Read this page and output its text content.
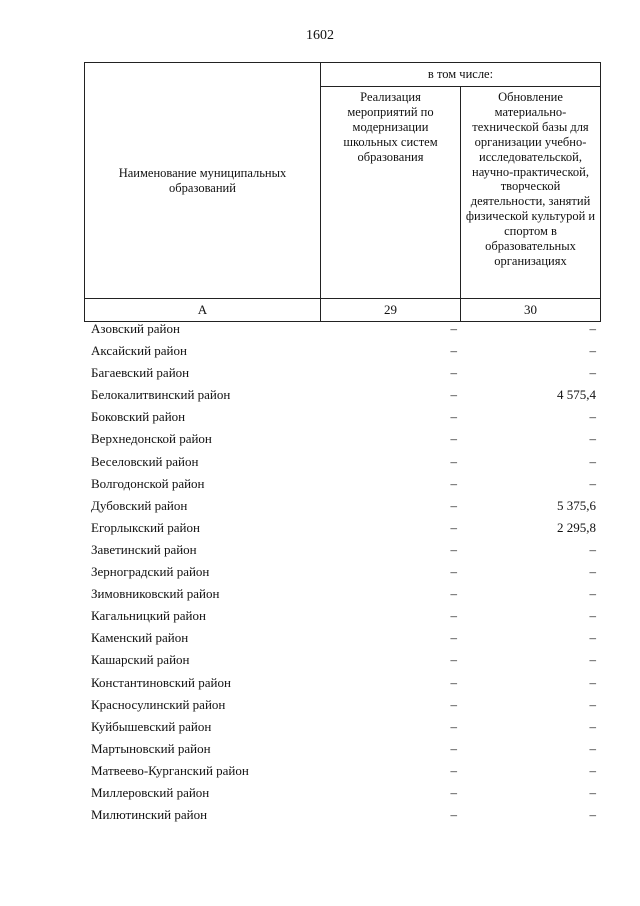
1602
Наименование муниципальных образований	в том числе:	
	Реализация мероприятий по модернизации школьных систем образования	Обновление материально-технической базы для организации учебно-исследовательской, научно-практической, творческой деятельности, занятий физической культурой и спортом в образовательных организациях
А	29	30
Азовский район	–	–
Аксайский район	–	–
Багаевский район	–	–
Белокалитвинский район	–	4 575,4
Боковский район	–	–
Верхнедонской район	–	–
Веселовский район	–	–
Волгодонской район	–	–
Дубовский район	–	5 375,6
Егорлыкский район	–	2 295,8
Заветинский район	–	–
Зерноградский район	–	–
Зимовниковский район	–	–
Кагальницкий район	–	–
Каменский район	–	–
Кашарский район	–	–
Константиновский район	–	–
Красносулинский район	–	–
Куйбышевский район	–	–
Мартыновский район	–	–
Матвеево-Курганский район	–	–
Миллеровский район	–	–
Милютинский район	–	–
